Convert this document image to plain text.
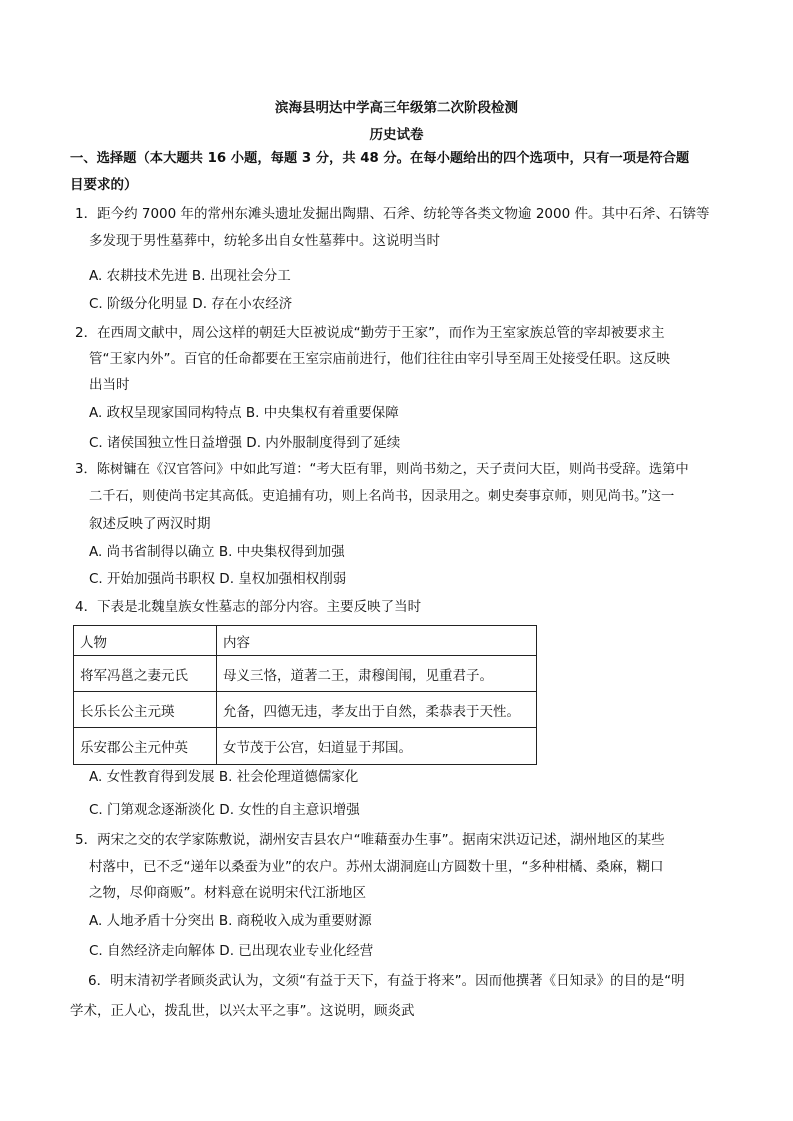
滨海县明达中学高三年级第二次阶段检测
历史试卷
一、选择题（本大题共 16 小题，每题 3 分，共 48 分。在每小题给出的四个选项中，只有一项是符合题
目要求的）
1．距今约 7000 年的常州东滩头遗址发掘出陶鼎、石斧、纺轮等各类文物逾 2000 件。其中石斧、石锛等
多发现于男性墓葬中，纺轮多出自女性墓葬中。这说明当时
A. 农耕技术先进 B. 出现社会分工
C. 阶级分化明显 D. 存在小农经济
2．在西周文献中，周公这样的朝廷大臣被说成“勤劳于王家”，而作为王室家族总管的宰却被要求主
管“王家内外”。百官的任命都要在王室宗庙前进行，他们往往由宰引导至周王处接受任职。这反映
出当时
A. 政权呈现家国同构特点 B. 中央集权有着重要保障
C. 诸侯国独立性日益增强 D. 内外服制度得到了延续
3．陈树镛在《汉官答问》中如此写道：“考大臣有罪，则尚书劾之，天子责问大臣，则尚书受辞。选第中
二千石，则使尚书定其高低。吏追捕有功，则上名尚书，因录用之。刺史奏事京师，则见尚书。”这一
叙述反映了两汉时期
A. 尚书省制得以确立 B. 中央集权得到加强
C. 开始加强尚书职权 D. 皇权加强相权削弱
4．下表是北魏皇族女性墓志的部分内容。主要反映了当时
人物	内容
将军冯邕之妻元氏	母义三恪，道著二王，肃穆闺闱，见重君子。
长乐长公主元瑛	允备，四德无违，孝友出于自然，柔恭表于天性。
乐安郡公主元仲英	女节茂于公宫，妇道显于邦国。
A. 女性教育得到发展 B. 社会伦理道德儒家化
C. 门第观念逐渐淡化 D. 女性的自主意识增强
5．两宋之交的农学家陈敷说，湖州安吉县农户“唯藉蚕办生事”。据南宋洪迈记述，湖州地区的某些
村落中，已不乏“递年以桑蚕为业”的农户。苏州太湖洞庭山方圆数十里，“多种柑橘、桑麻，糊口
之物，尽仰商贩”。材料意在说明宋代江浙地区
A. 人地矛盾十分突出 B. 商税收入成为重要财源
C. 自然经济走向解体 D. 已出现农业专业化经营
6．明末清初学者顾炎武认为，文须“有益于天下，有益于将来”。因而他撰著《日知录》的目的是“明
学术，正人心，拨乱世，以兴太平之事”。这说明，顾炎武
